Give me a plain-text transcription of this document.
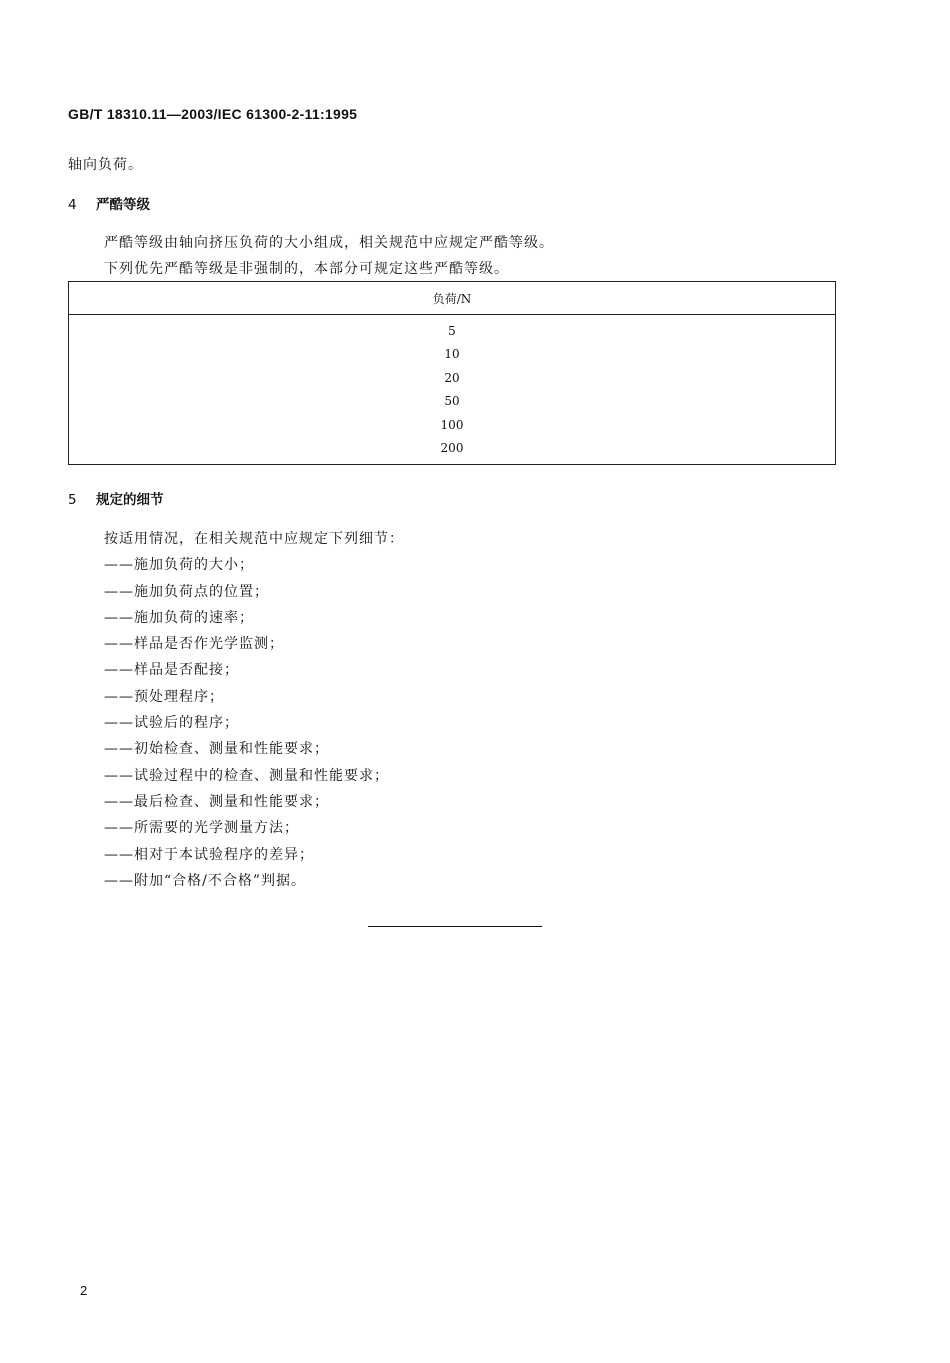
GB/T 18310.11—2003/IEC 61300-2-11:1995
轴向负荷。
4 严酷等级
严酷等级由轴向挤压负荷的大小组成，相关规范中应规定严酷等级。
下列优先严酷等级是非强制的，本部分可规定这些严酷等级。
负荷/N
5
10
20
50
100
200
5 规定的细节
按适用情况，在相关规范中应规定下列细节：
——施加负荷的大小；
——施加负荷点的位置；
——施加负荷的速率；
——样品是否作光学监测；
——样品是否配接；
——预处理程序；
——试验后的程序；
——初始检查、测量和性能要求；
——试验过程中的检查、测量和性能要求；
——最后检查、测量和性能要求；
——所需要的光学测量方法；
——相对于本试验程序的差异；
——附加“合格/不合格”判据。
2
